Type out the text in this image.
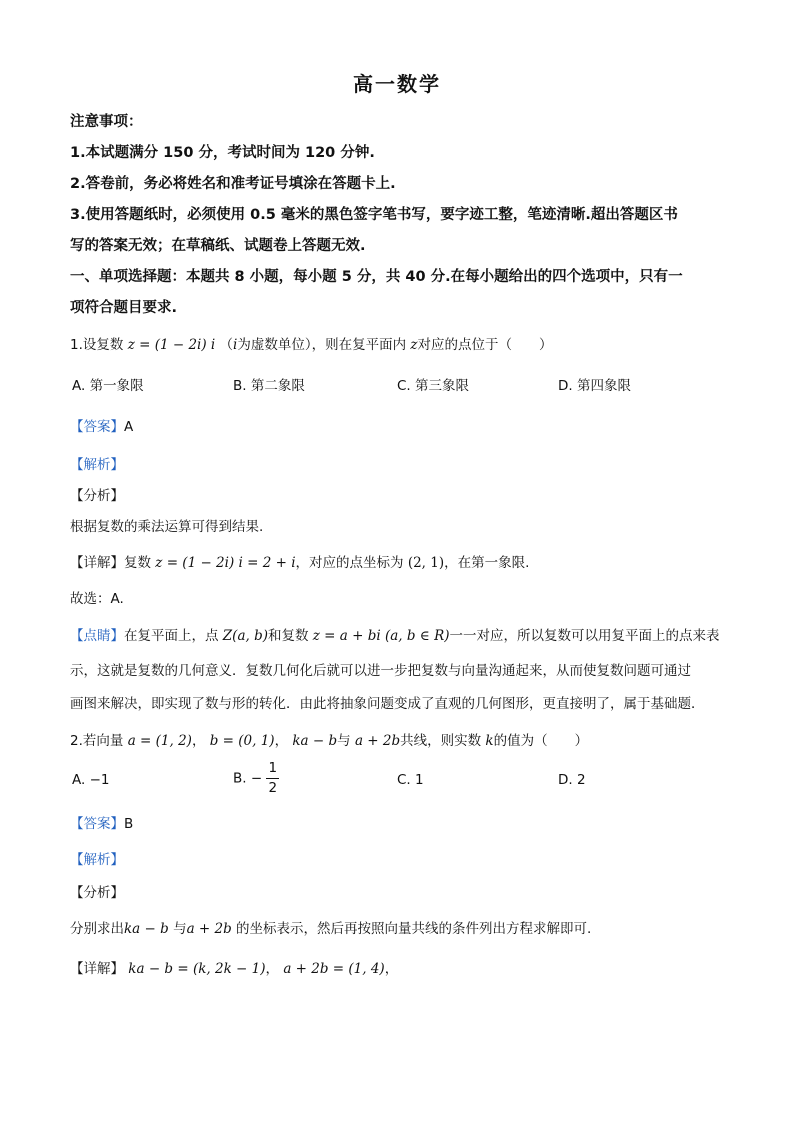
高一数学
注意事项：
1.本试题满分 150 分，考试时间为 120 分钟.
2.答卷前，务必将姓名和准考证号填涂在答题卡上.
3.使用答题纸时，必须使用 0.5 毫米的黑色签字笔书写，要字迹工整，笔迹清晰.超出答题区书
写的答案无效；在草稿纸、试题卷上答题无效.
一、单项选择题：本题共 8 小题，每小题 5 分，共 40 分.在每小题给出的四个选项中，只有一
项符合题目要求.
1.设复数 z = (1 − 2i) i （i为虚数单位），则在复平面内 z对应的点位于（　　）
A. 第一象限	B. 第二象限	C. 第三象限	D. 第四象限
【答案】A
【解析】
【分析】
根据复数的乘法运算可得到结果.
【详解】复数 z = (1 − 2i) i = 2 + i，对应的点坐标为 (2, 1)，在第一象限.
故选：A.
【点睛】在复平面上，点 Z(a, b)和复数 z = a + bi (a, b ∈ R)一一对应，所以复数可以用复平面上的点来表
示，这就是复数的几何意义．复数几何化后就可以进一步把复数与向量沟通起来，从而使复数问题可通过
画图来解决，即实现了数与形的转化．由此将抽象问题变成了直观的几何图形，更直接明了，属于基础题．
2.若向量 a = (1, 2)， b = (0, 1)， ka − b与 a + 2b共线，则实数 k的值为（　　）
A. −1	B. − $\frac{1}{2}$	C. 1	D. 2
【答案】B
【解析】
【分析】
分别求出ka − b 与a + 2b 的坐标表示，然后再按照向量共线的条件列出方程求解即可.
【详解】 ka − b = (k, 2k − 1)， a + 2b = (1, 4)，
